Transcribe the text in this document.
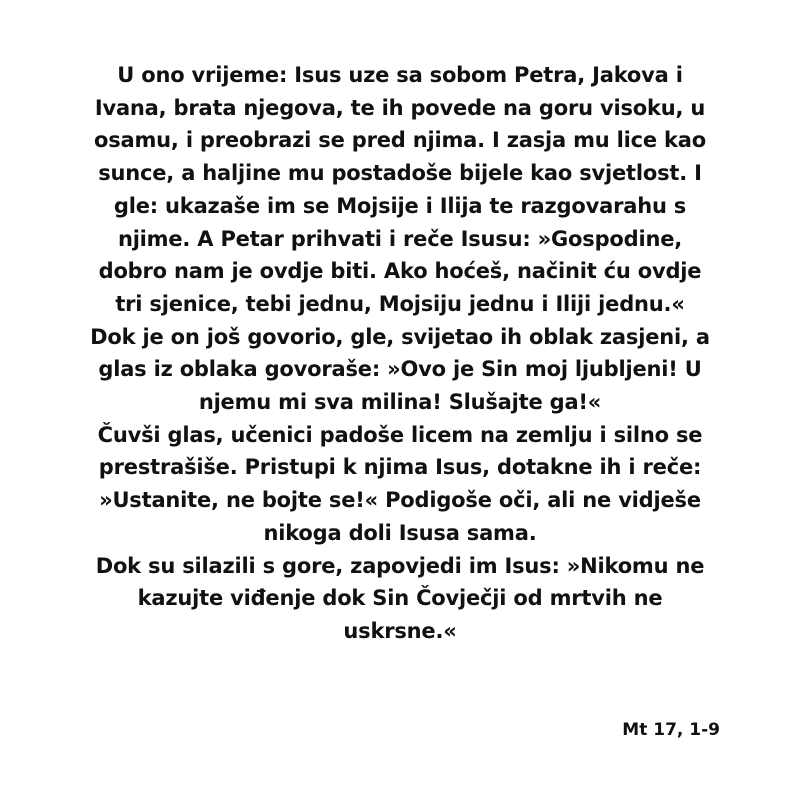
U ono vrijeme: Isus uze sa sobom Petra, Jakova i
Ivana, brata njegova, te ih povede na goru visoku, u
osamu, i preobrazi se pred njima. I zasja mu lice kao
sunce, a haljine mu postadoše bijele kao svjetlost. I
gle: ukazaše im se Mojsije i Ilija te razgovarahu s
njime. A Petar prihvati i reče Isusu: »Gospodine,
dobro nam je ovdje biti. Ako hoćeš, načinit ću ovdje
tri sjenice, tebi jednu, Mojsiju jednu i Iliji jednu.«
Dok je on još govorio, gle, svijetao ih oblak zasjeni, a
glas iz oblaka govoraše: »Ovo je Sin moj ljubljeni! U
njemu mi sva milina! Slušajte ga!«
Čuvši glas, učenici padoše licem na zemlju i silno se
prestrašiše. Pristupi k njima Isus, dotakne ih i reče:
»Ustanite, ne bojte se!« Podigoše oči, ali ne vidješe
nikoga doli Isusa sama.
Dok su silazili s gore, zapovjedi im Isus: »Nikomu ne
kazujte viđenje dok Sin Čovječji od mrtvih ne
uskrsne.«
Mt 17, 1-9
